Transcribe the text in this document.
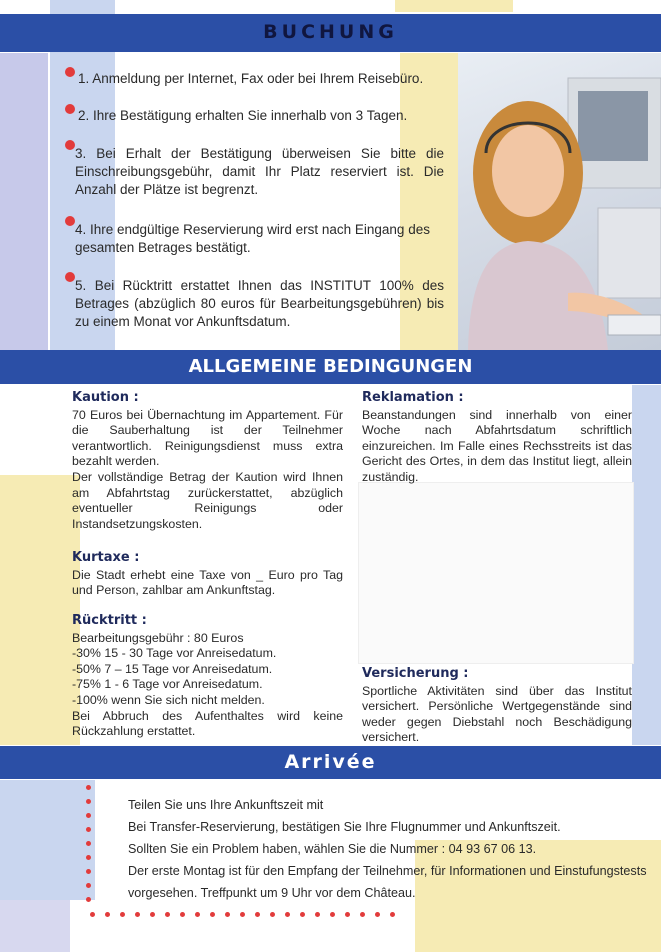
BUCHUNG
1. Anmeldung per Internet, Fax oder bei Ihrem Reisebüro.
2. Ihre Bestätigung erhalten Sie innerhalb von 3 Tagen.
3. Bei Erhalt der Bestätigung überweisen Sie bitte die Einschreibungsgebühr, damit Ihr Platz reserviert ist. Die Anzahl der Plätze ist begrenzt.
4. Ihre endgültige Reservierung wird erst nach Eingang des gesamten Betrages bestätigt.
5. Bei Rücktritt erstattet Ihnen das INSTITUT 100% des Betrages (abzüglich 80 euros für Bearbeitungsgebühren) bis zu einem Monat vor Ankunftsdatum.
ALLGEMEINE BEDINGUNGEN
Kaution :

70 Euros bei Übernachtung im Appartement. Für die Sauberhaltung ist der Teilnehmer verantwortlich. Reinigungsdienst muss extra bezahlt werden.

Der vollständige Betrag der Kaution wird Ihnen am Abfahrtstag zurückerstattet, abzüglich eventueller Reinigungs oder Instandsetzungskosten.

Kurtaxe :

Die Stadt erhebt eine Taxe von _ Euro pro Tag und Person, zahlbar am Ankunftstag.

Rücktritt :

Bearbeitungsgebühr : 80 Euros

-30% 15 - 30 Tage vor Anreisedatum.

-50% 7 – 15 Tage vor Anreisedatum.

-75% 1 - 6 Tage vor Anreisedatum.

-100% wenn Sie sich nicht melden.

Bei Abbruch des Aufenthaltes wird keine Rückzahlung erstattet.

Reklamation :

Beanstandungen sind innerhalb von einer Woche nach Abfahrtsdatum schriftlich einzureichen. Im Falle eines Rechsstreits ist das Gericht des Ortes, in dem das Institut liegt, allein zuständig.

Versicherung :

Sportliche Aktivitäten sind über das Institut versichert. Persönliche Wertgegenstände sind weder gegen Diebstahl noch Beschädigung versichert.

Arrivée
Teilen Sie uns Ihre Ankunftszeit mit
Bei Transfer-Reservierung, bestätigen Sie Ihre Flugnummer und Ankunftszeit.
Sollten Sie ein Problem haben, wählen Sie die Nummer : 04 93 67 06 13.
Der erste Montag ist für den Empfang der Teilnehmer, für Informationen und Einstufungstests
vorgesehen. Treffpunkt um 9 Uhr vor dem Château.
